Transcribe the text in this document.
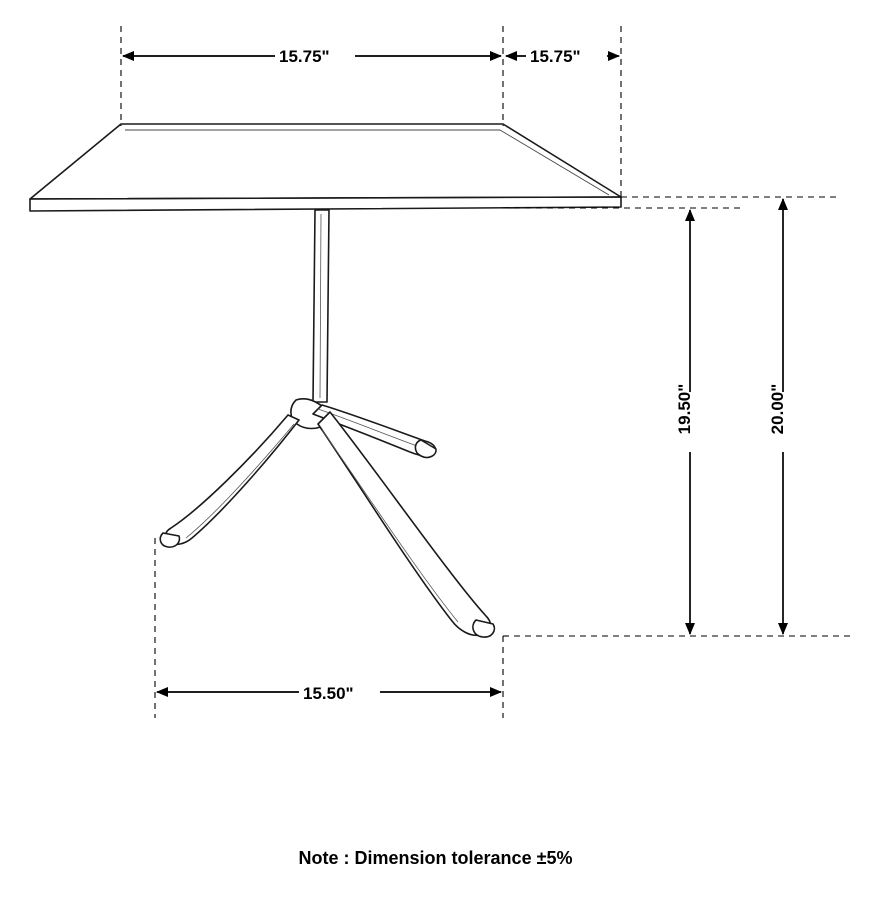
15.75"	15.75"
15.50"
19.50"	20.00"
Note : Dimension tolerance ±5%
